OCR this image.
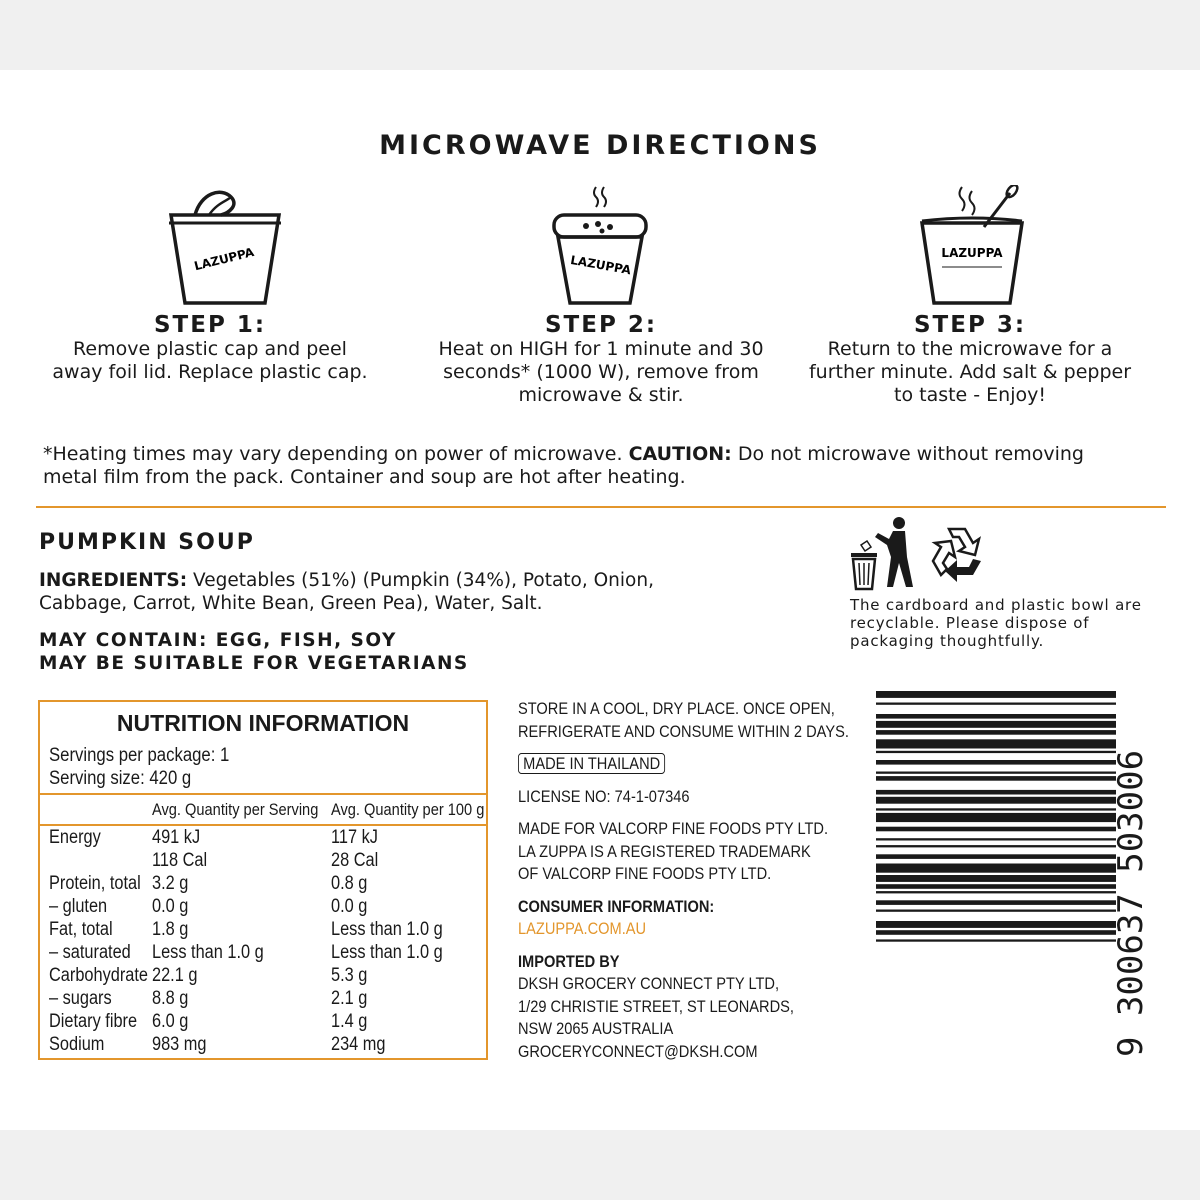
MICROWAVE DIRECTIONS
LAZUPPA	LAZUPPA	LAZUPPA
STEP 1:
Remove plastic cap and peel away foil lid. Replace plastic cap.
STEP 2:
Heat on HIGH for 1 minute and 30 seconds* (1000 W), remove from microwave & stir.
STEP 3:
Return to the microwave for a further minute. Add salt & pepper to taste - Enjoy!
*Heating times may vary depending on power of microwave. CAUTION: Do not microwave without removing metal film from the pack. Container and soup are hot after heating.
PUMPKIN SOUP
INGREDIENTS: Vegetables (51%) (Pumpkin (34%), Potato, Onion, Cabbage, Carrot, White Bean, Green Pea), Water, Salt.
MAY CONTAIN: EGG, FISH, SOY
MAY BE SUITABLE FOR VEGETARIANS
The cardboard and plastic bowl are recyclable. Please dispose of packaging thoughtfully.
NUTRITION INFORMATION
Servings per package: 1
Serving size: 420 g
Avg. Quantity per Serving Avg. Quantity per 100 g
Energy	491 kJ	117 kJ
118 Cal	28 Cal
Protein, total 3.2 g	0.8 g
– gluten 0.0 g	0.0 g
Fat, total 1.8 g	Less than 1.0 g
– saturated Less than 1.0 g	Less than 1.0 g
Carbohydrate 22.1 g	5.3 g
– sugars 8.8 g	2.1 g
Dietary fibre 6.0 g	1.4 g
Sodium	983 mg	234 mg
STORE IN A COOL, DRY PLACE. ONCE OPEN,
REFRIGERATE AND CONSUME WITHIN 2 DAYS.
MADE IN THAILAND
LICENSE NO: 74-1-07346
MADE FOR VALCORP FINE FOODS PTY LTD.
LA ZUPPA IS A REGISTERED TRADEMARK
OF VALCORP FINE FOODS PTY LTD.
CONSUMER INFORMATION:
LAZUPPA.COM.AU
IMPORTED BY
DKSH GROCERY CONNECT PTY LTD,
1/29 CHRISTIE STREET, ST LEONARDS,
NSW 2065 AUSTRALIA
GROCERYCONNECT@DKSH.COM	9 300637 503006
